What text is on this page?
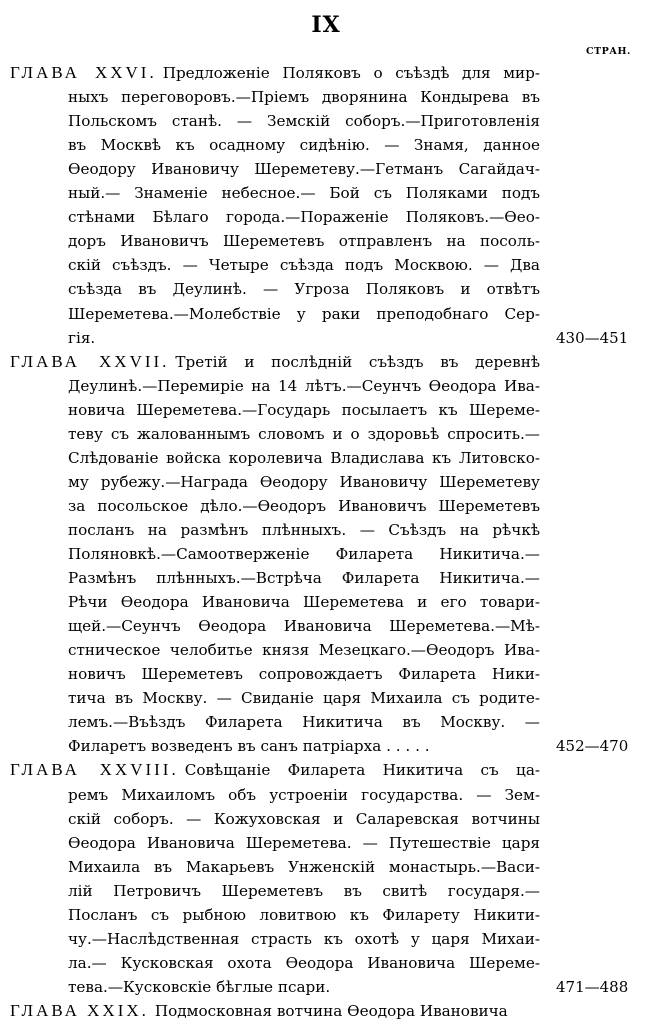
IX
СТРАН.
ГЛАВА XXVI. Предложеніе Поляковъ о съѣздѣ для мир-
ныхъ переговоровъ.—Пріемъ дворянина Кондырева въ
Польскомъ станѣ. — Земскій соборъ.—Приготовленія
въ Москвѣ къ осадному сидѣнію. — Знамя, данное
Ѳеодору Ивановичу Шереметеву.—Гетманъ Сагайдач-
ный.— Знаменіе небесное.— Бой съ Поляками подъ
стѣнами Бѣлаго города.—Пораженіе Поляковъ.—Ѳео-
доръ Ивановичъ Шереметевъ отправленъ на посоль-
скій съѣздъ. — Четыре съѣзда подъ Москвою. — Два
съѣзда въ Деулинѣ. — Угроза Поляковъ и отвѣтъ
Шереметева.—Молебствіе у раки преподобнаго Сер-
гія.	430—451
ГЛАВА XXVII. Третій и послѣдній съѣздъ въ деревнѣ
Деулинѣ.—Перемиріе на 14 лѣтъ.—Сеунчъ Ѳеодора Ива-
новича Шереметева.—Государь посылаетъ къ Шереме-
теву съ жалованнымъ словомъ и о здоровьѣ спросить.—
Слѣдованіе войска королевича Владислава къ Литовско-
му рубежу.—Награда Ѳеодору Ивановичу Шереметеву
за посольское дѣло.—Ѳеодоръ Ивановичъ Шереметевъ
посланъ на размѣнъ плѣнныхъ. — Съѣздъ на рѣчкѣ
Поляновкѣ.—Самоотверженіе Филарета Никитича.—
Размѣнъ плѣнныхъ.—Встрѣча Филарета Никитича.—
Рѣчи Ѳеодора Ивановича Шереметева и его товари-
щей.—Сеунчъ Ѳеодора Ивановича Шереметева.—Мѣ-
стническое челобитье князя Мезецкаго.—Ѳеодоръ Ива-
новичъ Шереметевъ сопровождаетъ Филарета Ники-
тича въ Москву. — Свиданіе царя Михаила съ родите-
лемъ.—Въѣздъ Филарета Никитича въ Москву. —
Филаретъ возведенъ въ санъ патріарха . . . . .	452—470
ГЛАВА XXVIII. Совѣщаніе Филарета Никитича съ ца-
ремъ Михаиломъ объ устроеніи государства. — Зем-
скій соборъ. — Кожуховская и Саларевская вотчины
Ѳеодора Ивановича Шереметева. — Путешествіе царя
Михаила въ Макарьевъ Унженскій монастырь.—Васи-
лій Петровичъ Шереметевъ въ свитѣ государя.—
Посланъ съ рыбною ловитвою къ Филарету Никити-
чу.—Наслѣдственная страсть къ охотѣ у царя Михаи-
ла.— Кусковская охота Ѳеодора Ивановича Шереме-
тева.—Кусковскіе бѣглые псари.	471—488
ГЛАВА XXIX. Подмосковная вотчина Ѳеодора Ивановича
